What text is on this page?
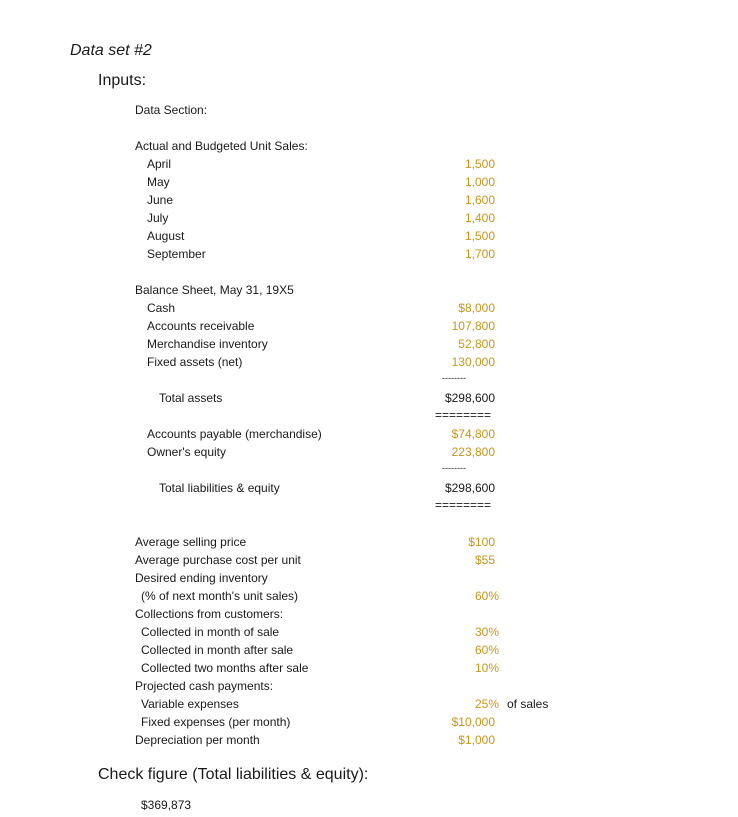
Data set #2
Inputs:
Data Section:
Actual and Budgeted Unit Sales:
April	1,500
May	1,000
June	1,600
July	1,400
August	1,500
September	1,700
Balance Sheet, May 31, 19X5
Cash	$8,000
Accounts receivable	107,800
Merchandise inventory	52,800
Fixed assets (net)	130,000
--------
Total assets	$298,600
========
Accounts payable (merchandise)	$74,800
Owner's equity	223,800
--------
Total liabilities & equity	$298,600
========
Average selling price	$100
Average purchase cost per unit	$55
Desired ending inventory
(% of next month's unit sales)	60%
Collections from customers:
Collected in month of sale	30%
Collected in month after sale	60%
Collected two months after sale	10%
Projected cash payments:
Variable expenses	25% of sales
Fixed expenses (per month)	$10,000
Depreciation per month	$1,000
Check figure (Total liabilities & equity):
$369,873
